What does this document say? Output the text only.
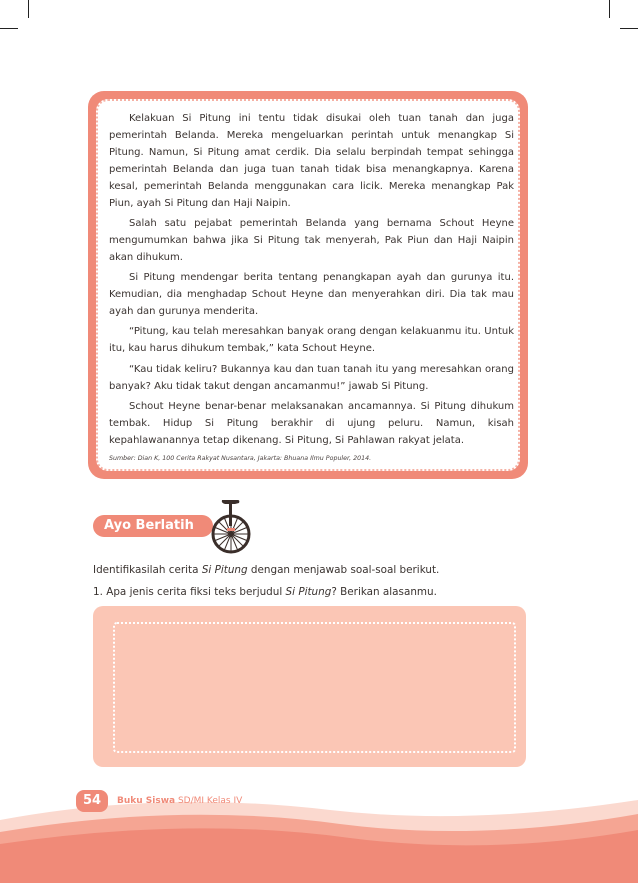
Kelakuan Si Pitung ini tentu tidak disukai oleh tuan tanah dan juga pemerintah Belanda. Mereka mengeluarkan perintah untuk menangkap Si Pitung. Namun, Si Pitung amat cerdik. Dia selalu berpindah tempat sehingga pemerintah Belanda dan juga tuan tanah tidak bisa menangkapnya. Karena kesal, pemerintah Belanda menggunakan cara licik. Mereka menangkap Pak Piun, ayah Si Pitung dan Haji Naipin.

Salah satu pejabat pemerintah Belanda yang bernama Schout Heyne mengumumkan bahwa jika Si Pitung tak menyerah, Pak Piun dan Haji Naipin akan dihukum.

Si Pitung mendengar berita tentang penangkapan ayah dan gurunya itu. Kemudian, dia menghadap Schout Heyne dan menyerahkan diri. Dia tak mau ayah dan gurunya menderita.

“Pitung, kau telah meresahkan banyak orang dengan kelakuanmu itu. Untuk itu, kau harus dihukum tembak,” kata Schout Heyne.

“Kau tidak keliru? Bukannya kau dan tuan tanah itu yang meresahkan orang banyak? Aku tidak takut dengan ancamanmu!” jawab Si Pitung.

Schout Heyne benar-benar melaksanakan ancamannya. Si Pitung dihukum tembak. Hidup Si Pitung berakhir di ujung peluru. Namun, kisah kepahlawanannya tetap dikenang. Si Pitung, Si Pahlawan rakyat jelata.

Sumber: Dian K, 100 Cerita Rakyat Nusantara, Jakarta: Bhuana Ilmu Populer, 2014.
Ayo Berlatih
Identifikasilah cerita Si Pitung dengan menjawab soal-soal berikut.
1. Apa jenis cerita fiksi teks berjudul Si Pitung? Berikan alasanmu.
54	Buku Siswa SD/MI Kelas IV
